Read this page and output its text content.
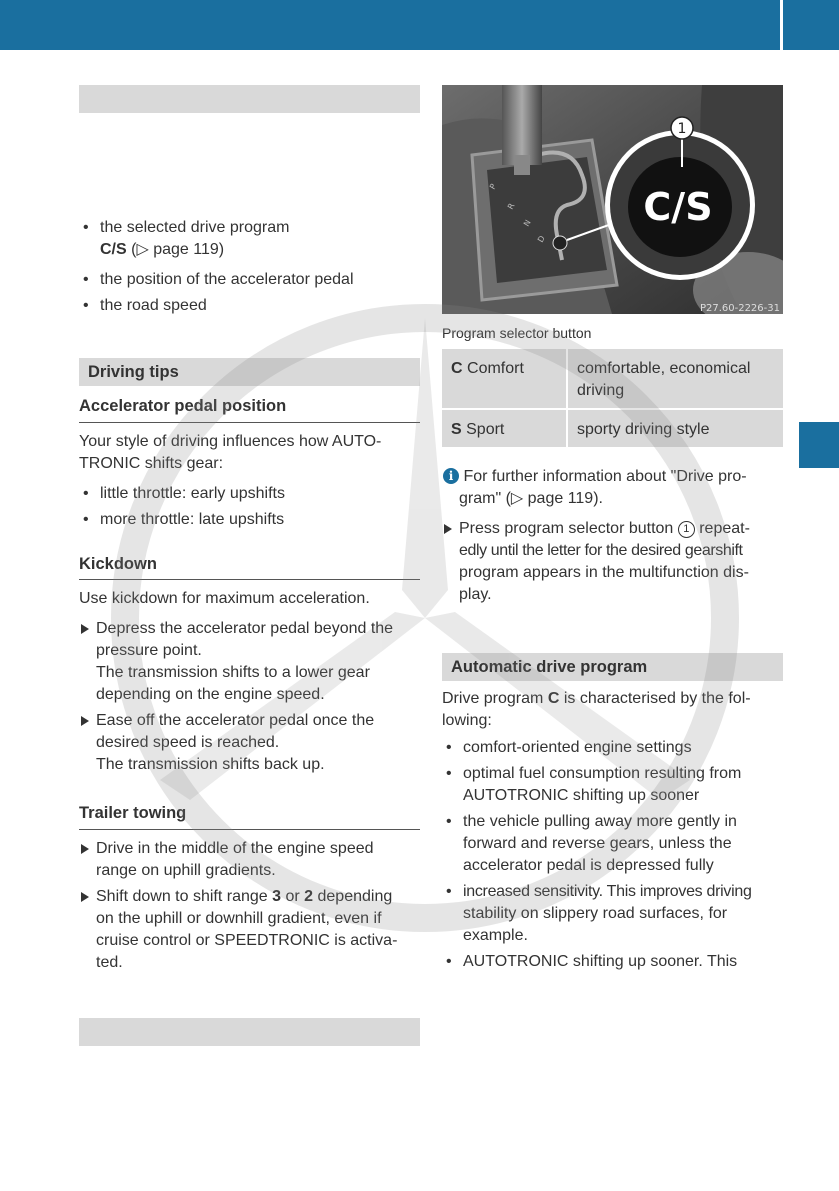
• the selected drive program
C/S (▷ page 119)
• the position of the accelerator pedal
• the road speed
Driving tips
Accelerator pedal position
Your style of driving influences how AUTO-
TRONIC shifts gear:
• little throttle: early upshifts
• more throttle: late upshifts
Kickdown
Use kickdown for maximum acceleration.
Depress the accelerator pedal beyond the
pressure point.
The transmission shifts to a lower gear
depending on the engine speed.
Ease off the accelerator pedal once the
desired speed is reached.
The transmission shifts back up.
Trailer towing
Drive in the middle of the engine speed
range on uphill gradients.
Shift down to shift range 3 or 2 depending
on the uphill or downhill gradient, even if
cruise control or SPEEDTRONIC is activa-
ted.
P
R
N
D
C/S
1
P27.60-2226-31
Program selector button
C Comfort	comfortable, economical
driving

S Sport	sporty driving style
i For further information about "Drive pro-
gram" (▷ page 119).
Press program selector button 1 repeat-
edly until the letter for the desired gearshift
program appears in the multifunction dis-
play.
Automatic drive program
Drive program C is characterised by the fol-
lowing:
• comfort-oriented engine settings
• optimal fuel consumption resulting from
AUTOTRONIC shifting up sooner
• the vehicle pulling away more gently in
forward and reverse gears, unless the
accelerator pedal is depressed fully
• increased sensitivity. This improves driving
stability on slippery road surfaces, for
example.
• AUTOTRONIC shifting up sooner. This
